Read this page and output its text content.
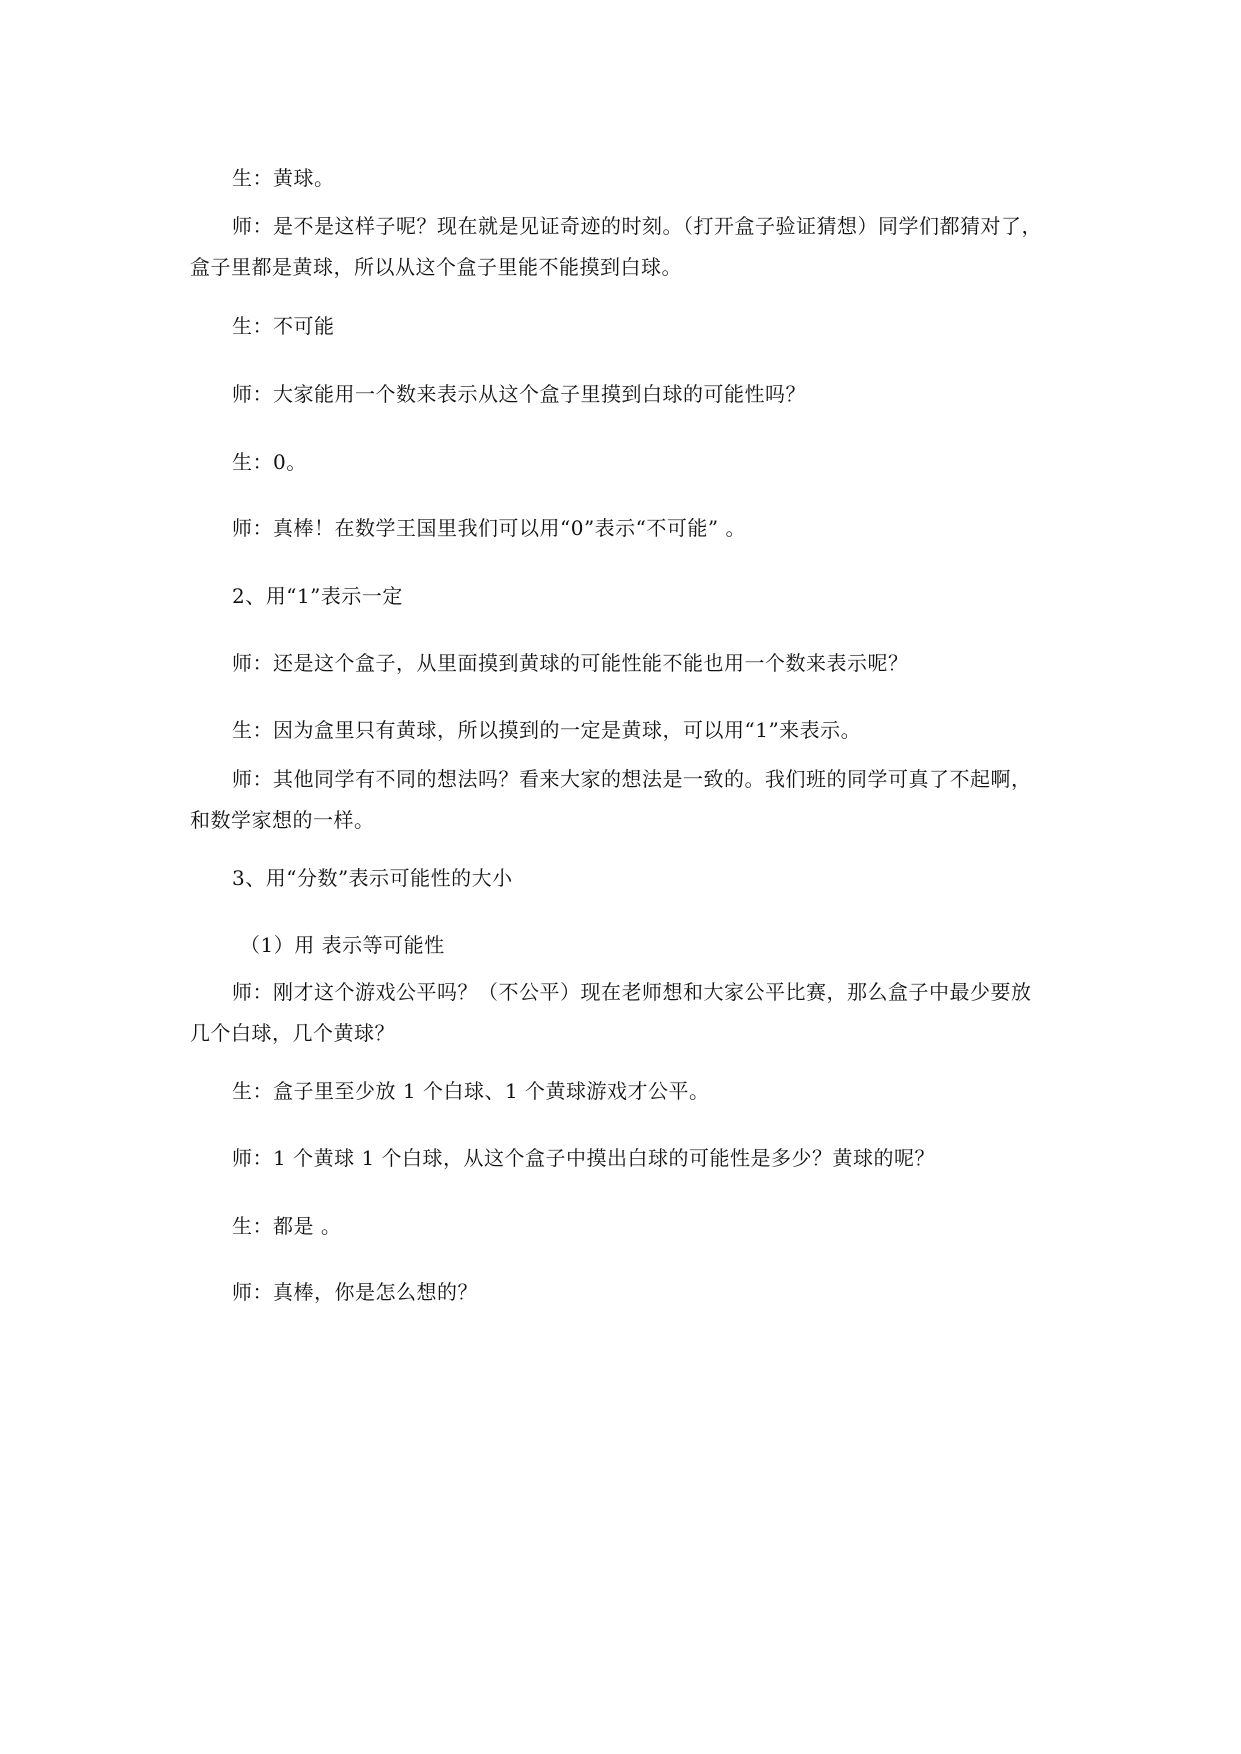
生：黄球。

师：是不是这样子呢？现在就是见证奇迹的时刻。（打开盒子验证猜想）同学们都猜对了，盒子里都是黄球，所以从这个盒子里能不能摸到白球。

生：不可能

师：大家能用一个数来表示从这个盒子里摸到白球的可能性吗？

生：0。

师：真棒！在数学王国里我们可以用“0”表示“不可能” 。

2、用“1”表示一定

师：还是这个盒子，从里面摸到黄球的可能性能不能也用一个数来表示呢？

生：因为盒里只有黄球，所以摸到的一定是黄球，可以用“1”来表示。

师：其他同学有不同的想法吗？看来大家的想法是一致的。我们班的同学可真了不起啊，和数学家想的一样。

3、用“分数”表示可能性的大小

（1）用 表示等可能性

师：刚才这个游戏公平吗？（不公平）现在老师想和大家公平比赛，那么盒子中最少要放几个白球，几个黄球？

生：盒子里至少放 1 个白球、1 个黄球游戏才公平。

师：1 个黄球 1 个白球，从这个盒子中摸出白球的可能性是多少？黄球的呢？

生：都是 。

师：真棒，你是怎么想的？
